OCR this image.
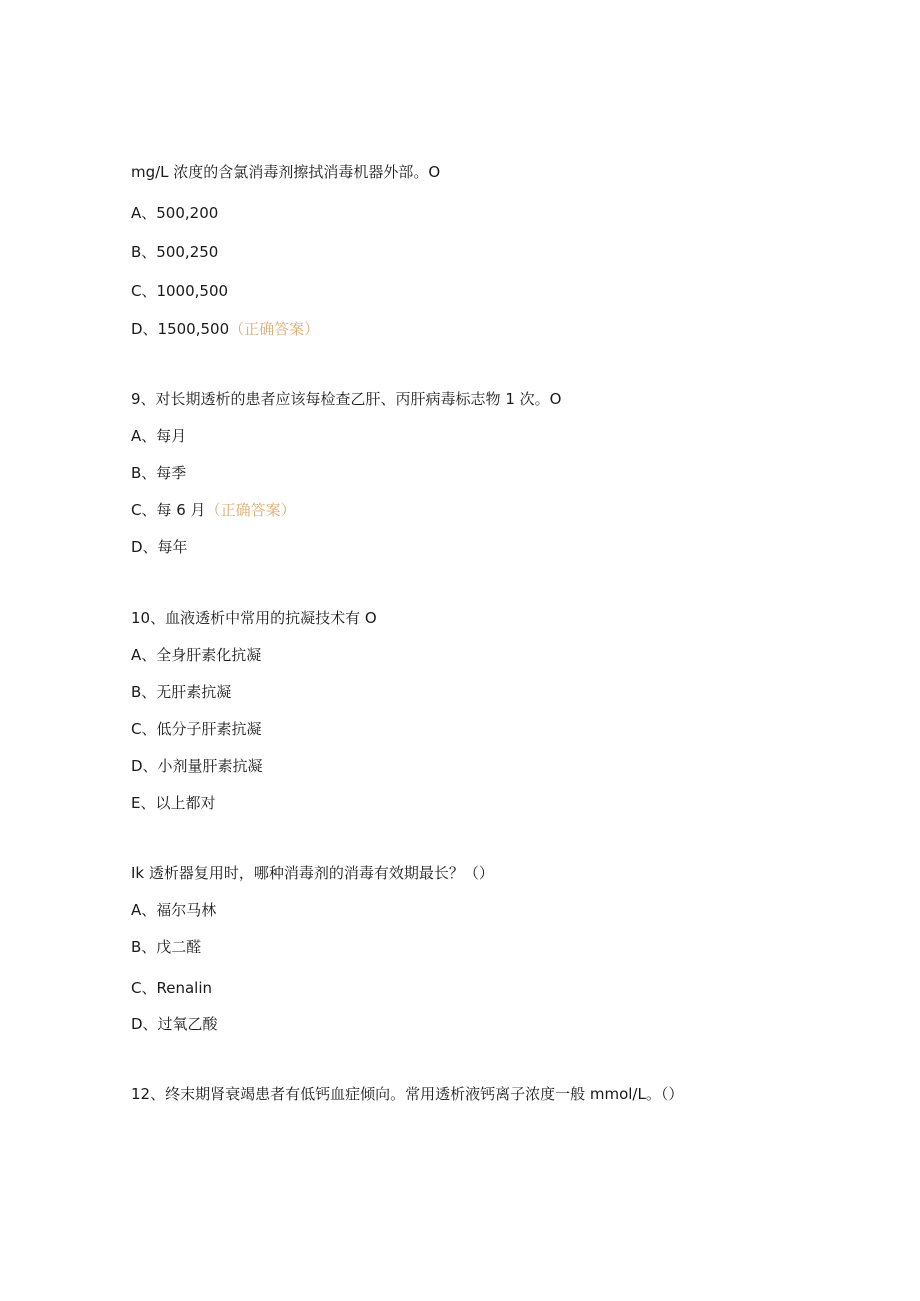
mg/L 浓度的含氯消毒剂擦拭消毒机器外部。O
A、500,200
B、500,250
C、1000,500
D、1500,500（正确答案）
9、对长期透析的患者应该每检查乙肝、丙肝病毒标志物 1 次。O
A、每月
B、每季
C、每 6 月（正确答案）
D、每年
10、血液透析中常用的抗凝技术有 O
A、全身肝素化抗凝
B、无肝素抗凝
C、低分子肝素抗凝
D、小剂量肝素抗凝
E、以上都对
Ik 透析器复用时，哪种消毒剂的消毒有效期最长？（）
A、福尔马林
B、戊二醛
C、Renalin
D、过氧乙酸
12、终末期肾衰竭患者有低钙血症倾向。常用透析液钙离子浓度一般 mmol/L。（）
